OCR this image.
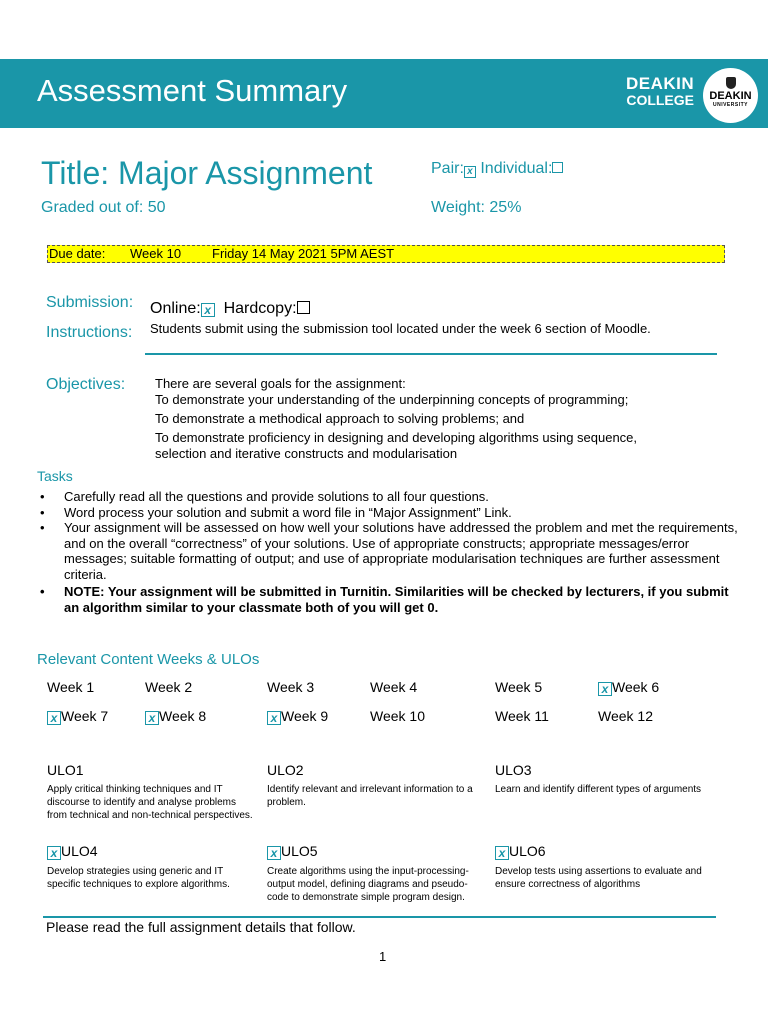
Assessment Summary	DEAKIN
COLLEGE	DEAKIN
UNIVERSITY
Title: Major Assignment
Graded out of: 50
Pair: x Individual:
Weight: 25%
Due date: Week 10 Friday 14 May 2021 5PM AEST
Submission:
Instructions:
Online: x Hardcopy:
Students submit using the submission tool located under the week 6 section of Moodle.
Objectives: There are several goals for the assignment:
To demonstrate your understanding of the underpinning concepts of programming;
To demonstrate a methodical approach to solving problems; and
To demonstrate proficiency in designing and developing algorithms using sequence,
selection and iterative constructs and modularisation
Tasks
• Carefully read all the questions and provide solutions to all four questions.
• Word process your solution and submit a word file in “Major Assignment” Link.
• Your assignment will be assessed on how well your solutions have addressed the problem and met the requirements, and on the overall “correctness” of your solutions. Use of appropriate constructs; appropriate messages/error messages; suitable formatting of output; and use of appropriate modularisation techniques are further assessment criteria.
• NOTE: Your assignment will be submitted in Turnitin. Similarities will be checked by lecturers, if you submit an algorithm similar to your classmate both of you will get 0.
Relevant Content Weeks & ULOs
Week 1	Week 2	Week 3	Week 4	Week 5	x Week 6
x Week 7	x Week 8	x Week 9	Week 10	Week 11	Week 12
ULO1
Apply critical thinking techniques and IT discourse to identify and analyse problems from technical and non-technical perspectives.
ULO2
Identify relevant and irrelevant information to a problem.
ULO3
Learn and identify different types of arguments
x ULO4
Develop strategies using generic and IT specific techniques to explore algorithms.
x ULO5
Create algorithms using the input-processing-output model, defining diagrams and pseudo-code to demonstrate simple program design.
x ULO6
Develop tests using assertions to evaluate and ensure correctness of algorithms
Please read the full assignment details that follow.
1
